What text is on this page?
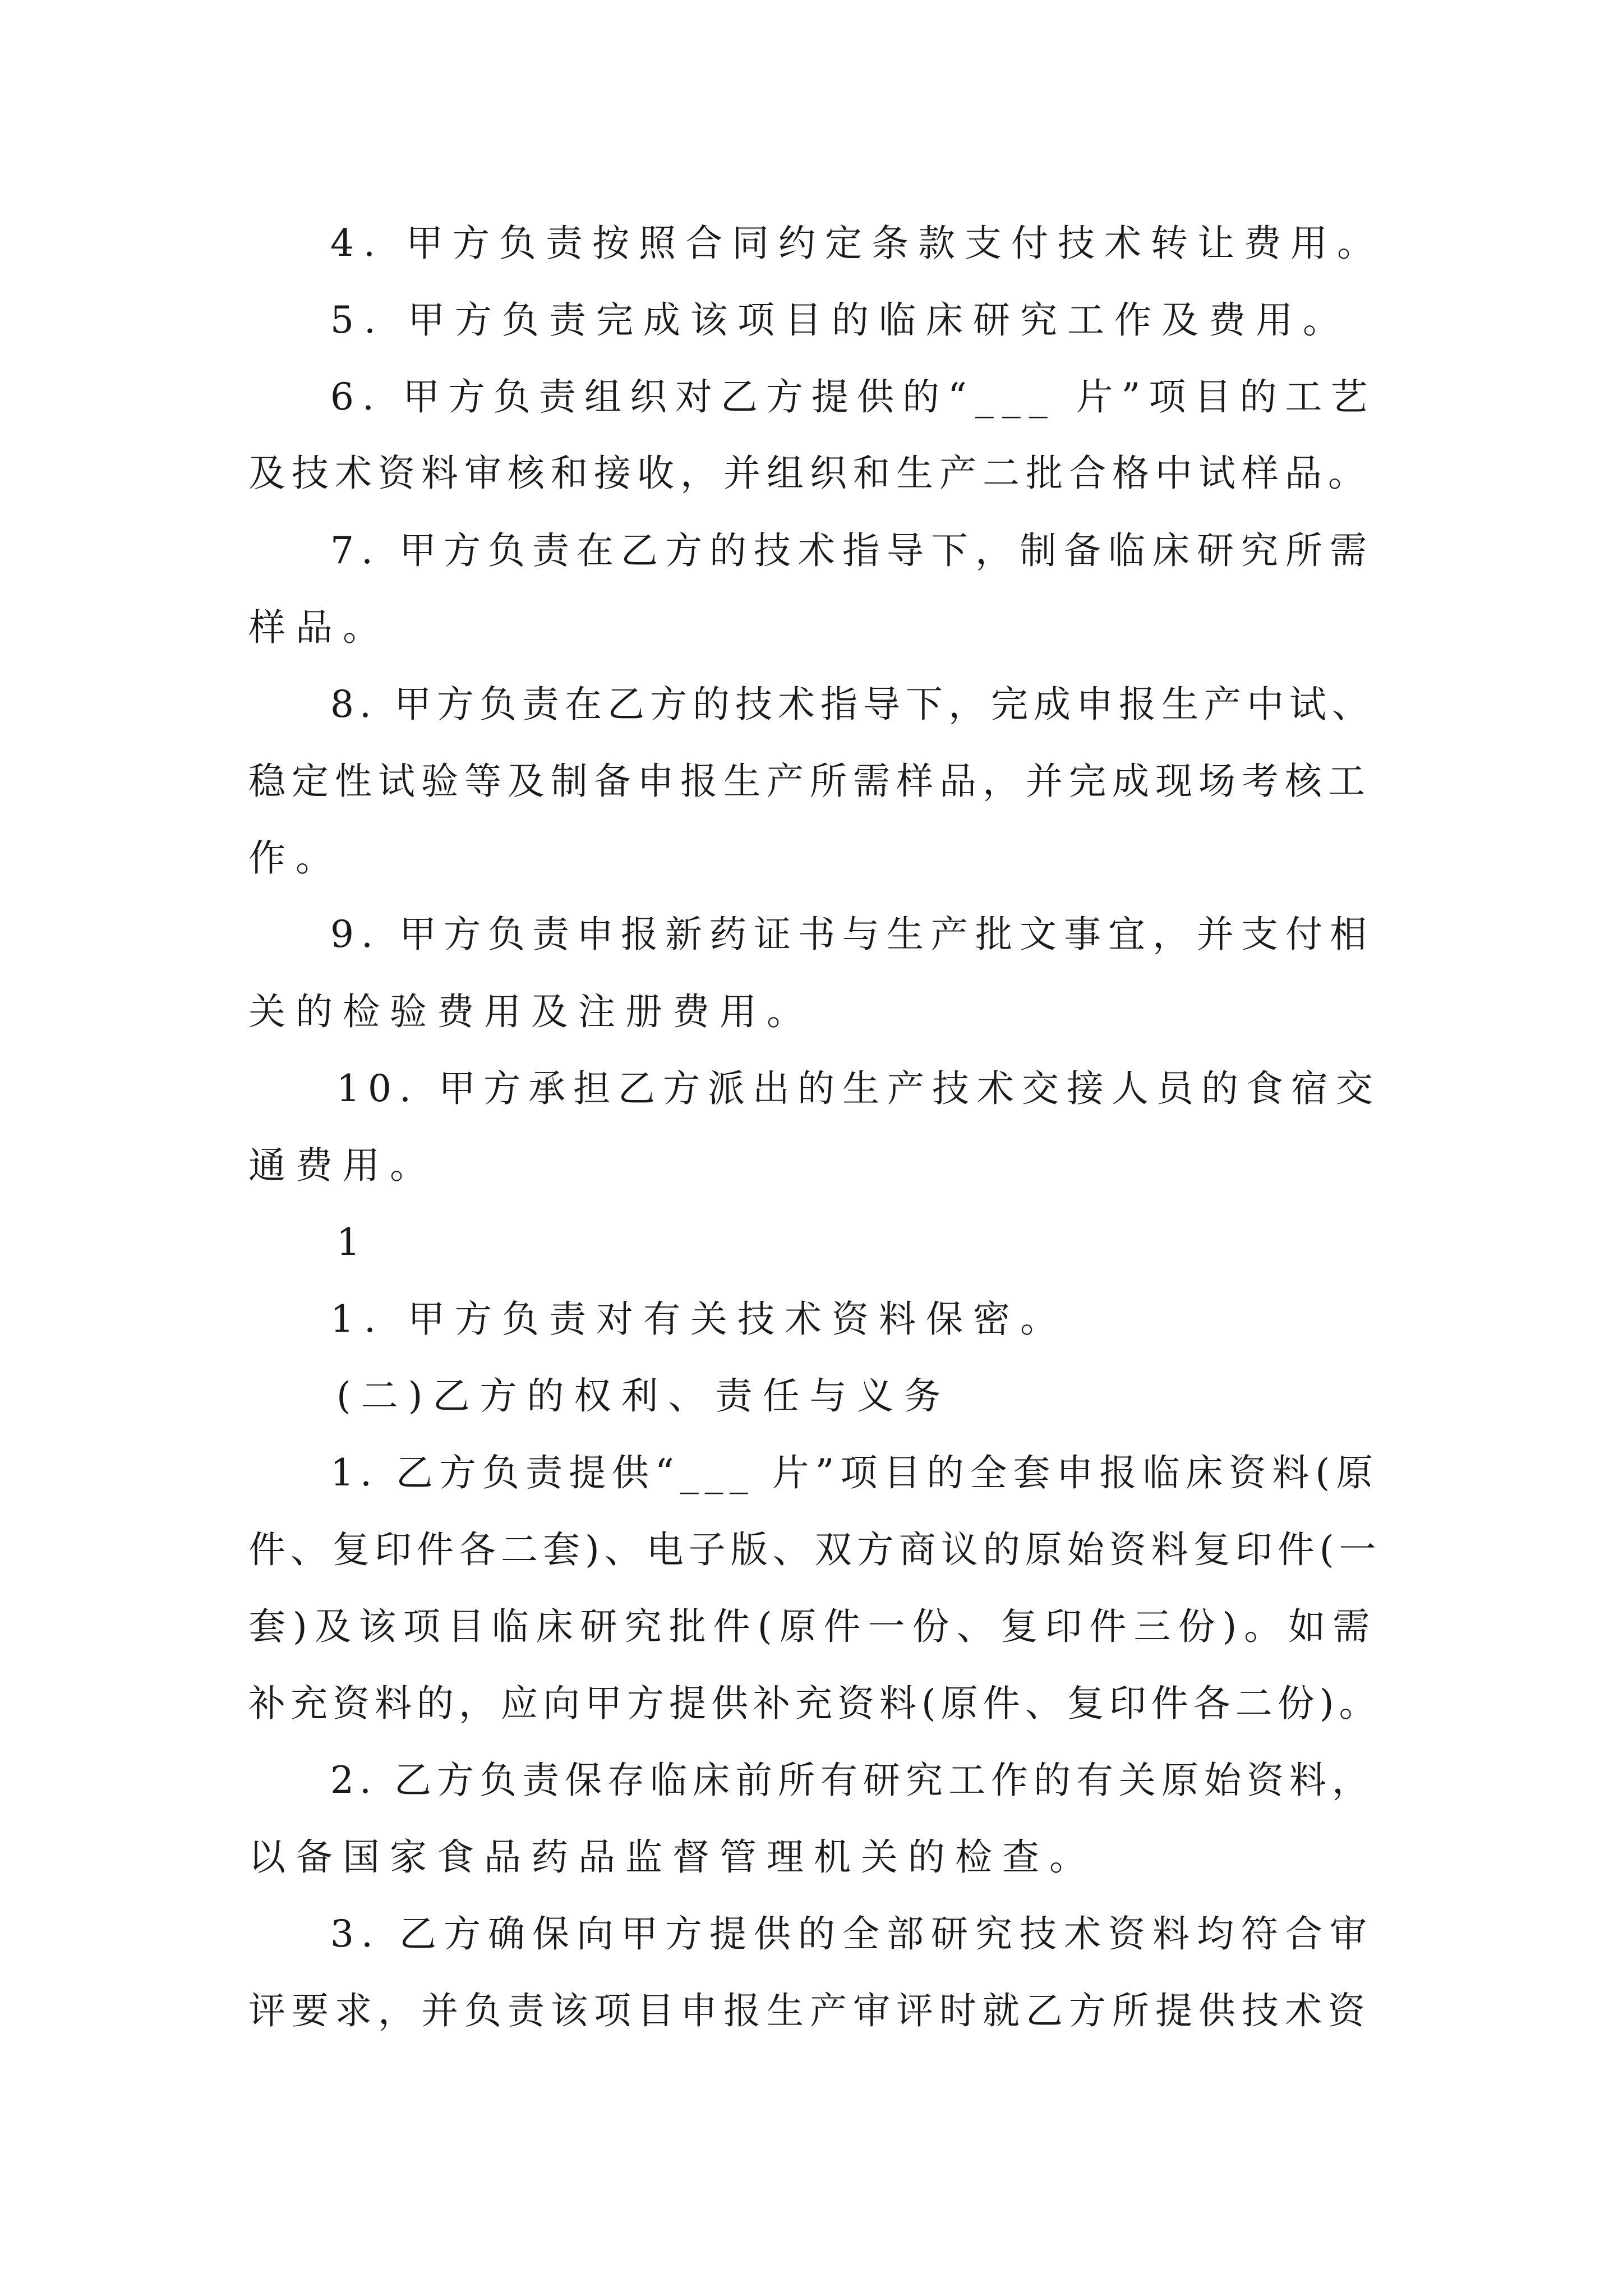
4. 甲方负责按照合同约定条款支付技术转让费用。
5. 甲方负责完成该项目的临床研究工作及费用。
6. 甲方负责组织对乙方提供的“___ 片”项目的工艺
及技术资料审核和接收，并组织和生产二批合格中试样品。
7. 甲方负责在乙方的技术指导下，制备临床研究所需
样品。
8. 甲方负责在乙方的技术指导下，完成申报生产中试、
稳定性试验等及制备申报生产所需样品，并完成现场考核工
作。
9. 甲方负责申报新药证书与生产批文事宜，并支付相
关的检验费用及注册费用。
10. 甲方承担乙方派出的生产技术交接人员的食宿交
通费用。
1
1. 甲方负责对有关技术资料保密。
(二)乙方的权利、责任与义务
1. 乙方负责提供“___ 片”项目的全套申报临床资料(原
件、复印件各二套)、电子版、双方商议的原始资料复印件(一
套)及该项目临床研究批件(原件一份、复印件三份)。如需
补充资料的，应向甲方提供补充资料(原件、复印件各二份)。
2. 乙方负责保存临床前所有研究工作的有关原始资料，
以备国家食品药品监督管理机关的检查。
3. 乙方确保向甲方提供的全部研究技术资料均符合审
评要求，并负责该项目申报生产审评时就乙方所提供技术资
